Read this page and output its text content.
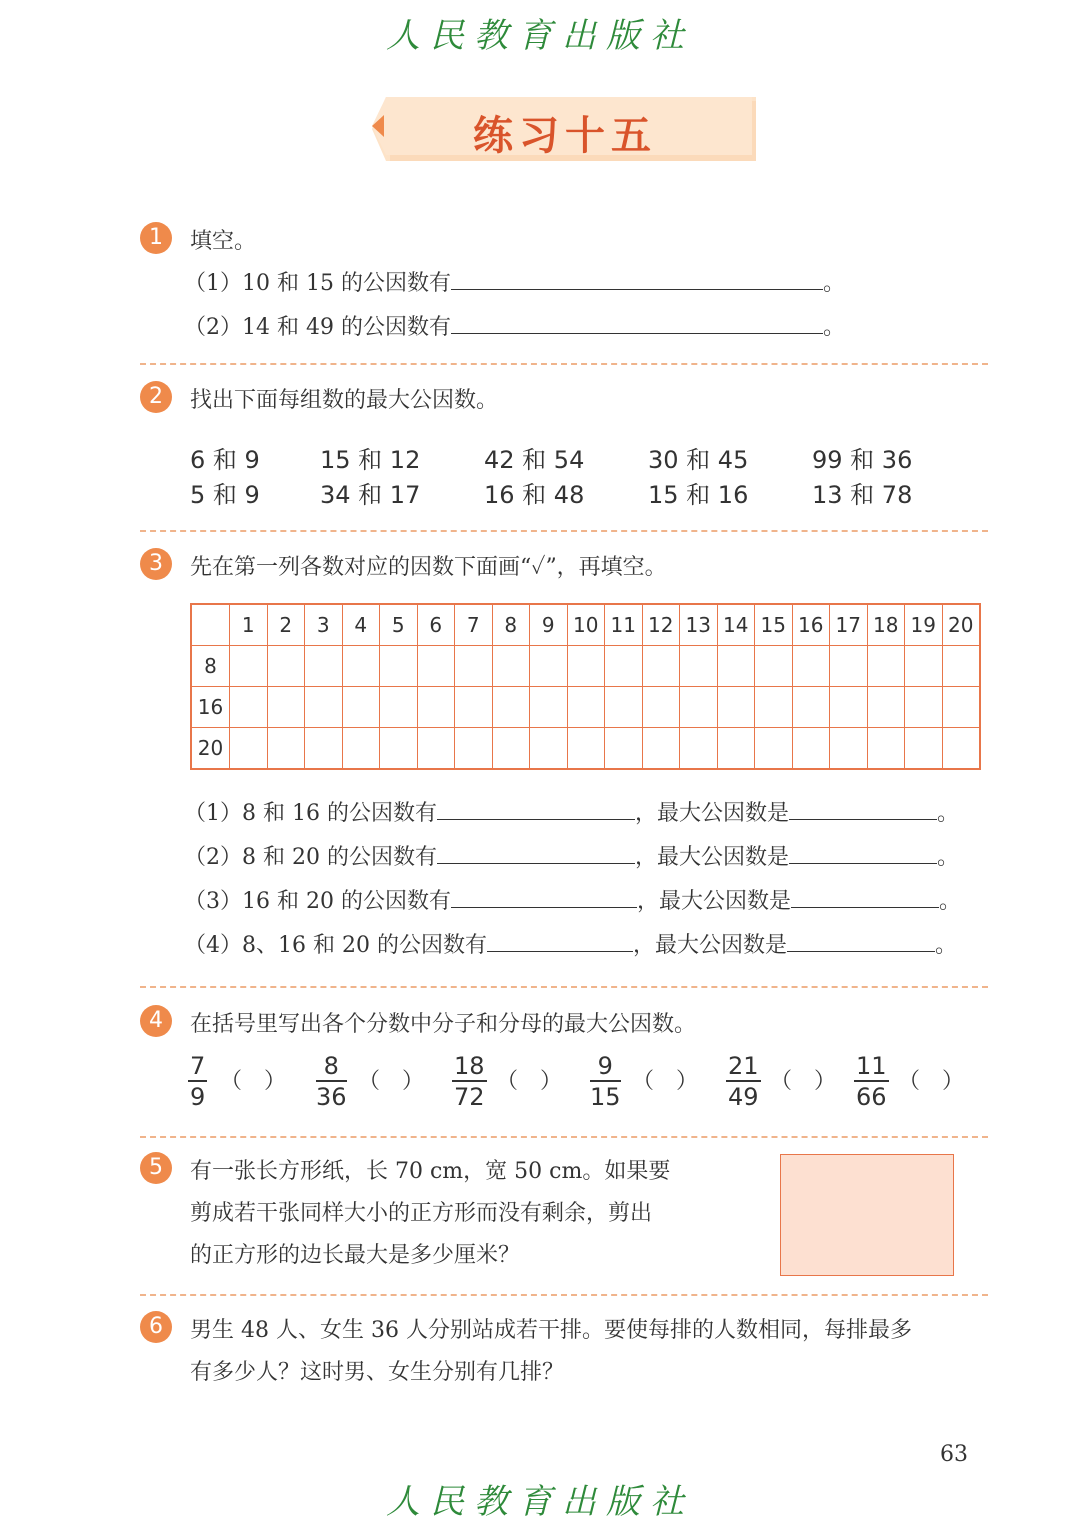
人民教育出版社
练习十五
1	填空。
（1）10 和 15 的公因数有	。
（2）14 和 49 的公因数有	。
2	找出下面每组数的最大公因数。
6 和 9	15 和 12	42 和 54	30 和 45	99 和 36
5 和 9	34 和 17	16 和 48	15 和 16	13 和 78
3	先在第一列各数对应的因数下面画“✓”，再填空。
	1	2	3	4	5	6	7	8	9	10	11	12	13	14	15	16	17	18	19	20
8																				
16																				
20																				
（1）8 和 16 的公因数有	，最大公因数是	。
（2）8 和 20 的公因数有	，最大公因数是	。
（3）16 和 20 的公因数有	，最大公因数是	。
（4）8、16 和 20 的公因数有	，最大公因数是	。
4	在括号里写出各个分数中分子和分母的最大公因数。
$\frac{7}{9}$ （　） $\frac{8}{36}$ （　） $\frac{18}{72}$ （　） $\frac{9}{15}$ （　） $\frac{21}{49}$ （　） $\frac{11}{66}$ （　）
5	有一张长方形纸，长 70 cm，宽 50 cm。如果要
剪成若干张同样大小的正方形而没有剩余，剪出
的正方形的边长最大是多少厘米？
6	男生 48 人、女生 36 人分别站成若干排。要使每排的人数相同，每排最多
有多少人？这时男、女生分别有几排？
63
人民教育出版社
